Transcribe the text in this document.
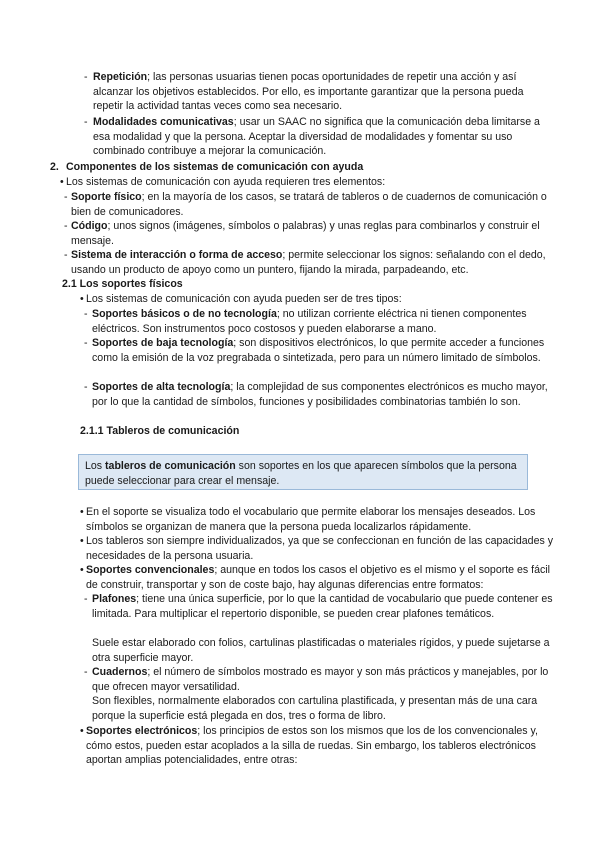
- Repetición; las personas usuarias tienen pocas oportunidades de repetir una acción y así alcanzar los objetivos establecidos. Por ello, es importante garantizar que la persona pueda repetir la actividad tantas veces como sea necesario.
- Modalidades comunicativas; usar un SAAC no significa que la comunicación deba limitarse a esa modalidad y que la persona. Aceptar la diversidad de modalidades y fomentar su uso combinado contribuye a mejorar la comunicación.
2. Componentes de los sistemas de comunicación con ayuda
• Los sistemas de comunicación con ayuda requieren tres elementos:
- Soporte físico; en la mayoría de los casos, se tratará de tableros o de cuadernos de comunicación o bien de comunicadores.
- Código; unos signos (imágenes, símbolos o palabras) y unas reglas para combinarlos y construir el mensaje.
- Sistema de interacción o forma de acceso; permite seleccionar los signos: señalando con el dedo, usando un producto de apoyo como un puntero, fijando la mirada, parpadeando, etc.
2.1 Los soportes físicos
• Los sistemas de comunicación con ayuda pueden ser de tres tipos:
- Soportes básicos o de no tecnología; no utilizan corriente eléctrica ni tienen componentes eléctricos. Son instrumentos poco costosos y pueden elaborarse a mano.
- Soportes de baja tecnología; son dispositivos electrónicos, lo que permite acceder a funciones como la emisión de la voz pregrabada o sintetizada, pero para un número limitado de símbolos.
- Soportes de alta tecnología; la complejidad de sus componentes electrónicos es mucho mayor, por lo que la cantidad de símbolos, funciones y posibilidades combinatorias también lo son.
2.1.1 Tableros de comunicación
Los tableros de comunicación son soportes en los que aparecen símbolos que la persona puede seleccionar para crear el mensaje.
• En el soporte se visualiza todo el vocabulario que permite elaborar los mensajes deseados. Los símbolos se organizan de manera que la persona pueda localizarlos rápidamente.
• Los tableros son siempre individualizados, ya que se confeccionan en función de las capacidades y necesidades de la persona usuaria.
• Soportes convencionales; aunque en todos los casos el objetivo es el mismo y el soporte es fácil de construir, transportar y son de coste bajo, hay algunas diferencias entre formatos:
- Plafones; tiene una única superficie, por lo que la cantidad de vocabulario que puede contener es limitada. Para multiplicar el repertorio disponible, se pueden crear plafones temáticos.
Suele estar elaborado con folios, cartulinas plastificadas o materiales rígidos, y puede sujetarse a otra superficie mayor.
- Cuadernos; el número de símbolos mostrado es mayor y son más prácticos y manejables, por lo que ofrecen mayor versatilidad.
Son flexibles, normalmente elaborados con cartulina plastificada, y presentan más de una cara porque la superficie está plegada en dos, tres o forma de libro.
• Soportes electrónicos; los principios de estos son los mismos que los de los convencionales y, cómo estos, pueden estar acoplados a la silla de ruedas. Sin embargo, los tableros electrónicos aportan amplias potencialidades, entre otras:
